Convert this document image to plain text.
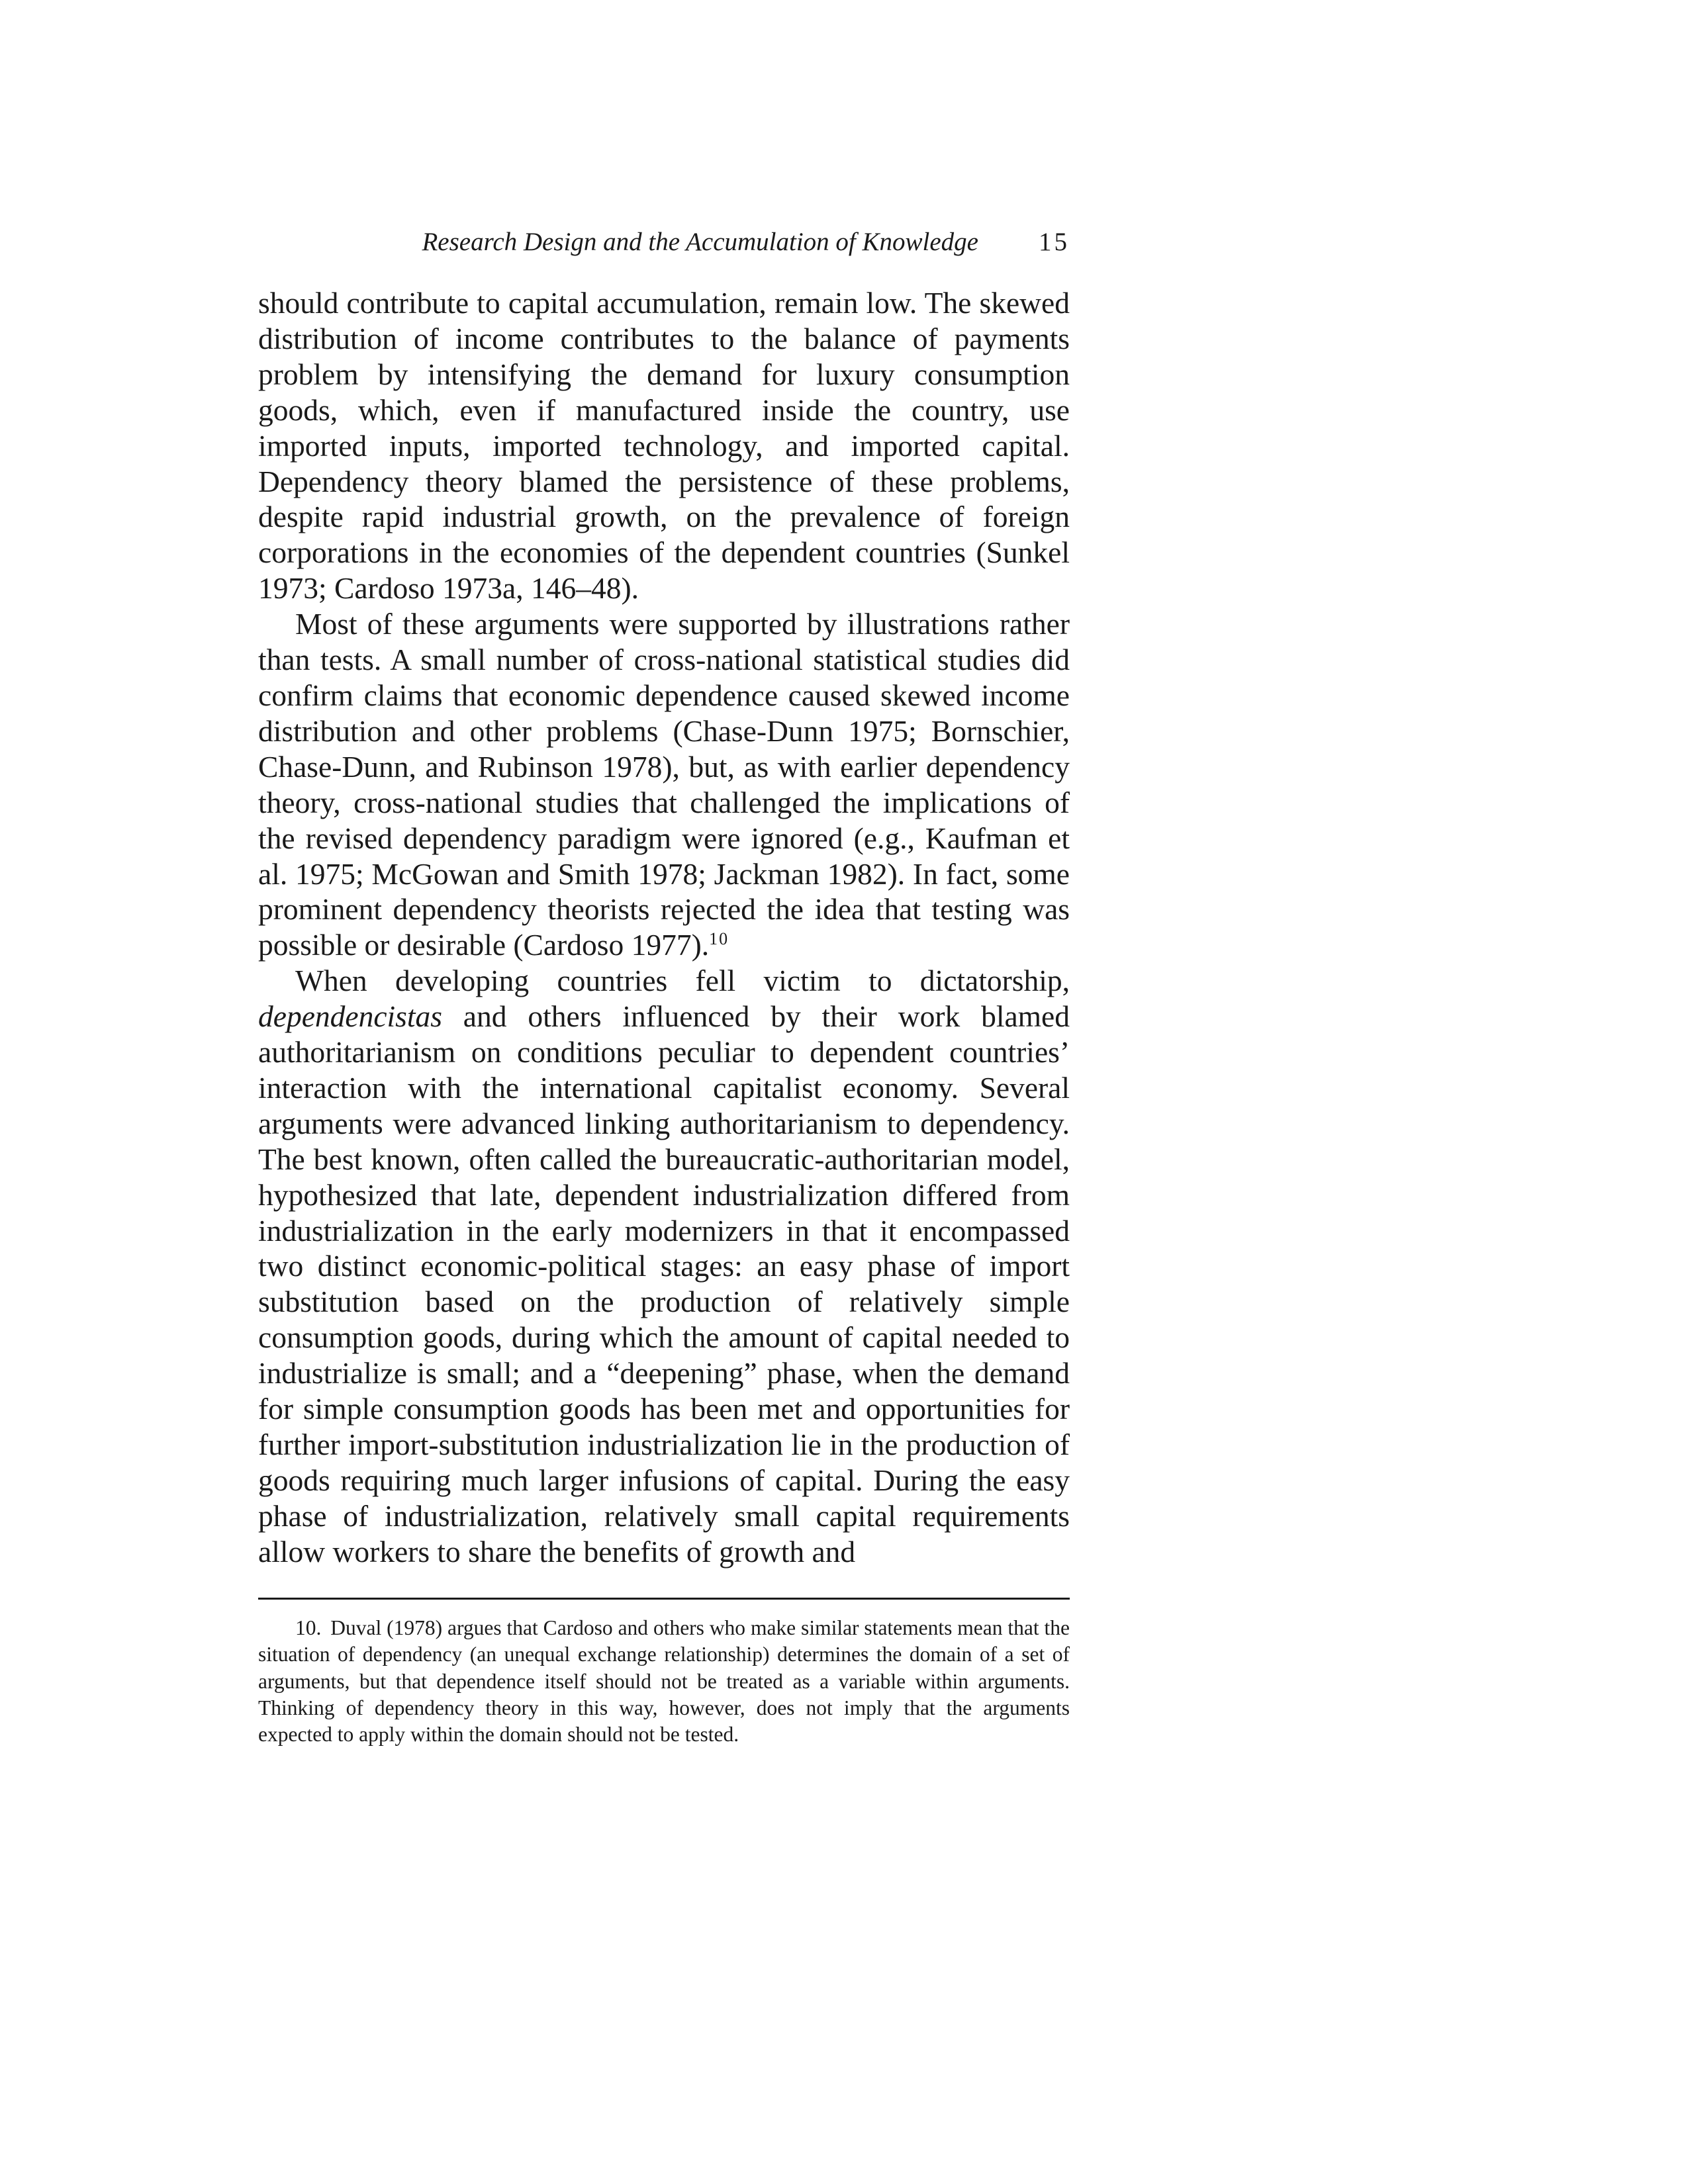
Research Design and the Accumulation of Knowledge 15

should contribute to capital accumulation, remain low. The skewed distribution of income contributes to the balance of payments problem by intensifying the demand for luxury consumption goods, which, even if manufactured inside the country, use imported inputs, imported technology, and imported capital. Dependency theory blamed the persistence of these problems, despite rapid industrial growth, on the prevalence of foreign corporations in the economies of the dependent countries (Sunkel 1973; Cardoso 1973a, 146–48).

Most of these arguments were supported by illustrations rather than tests. A small number of cross-national statistical studies did confirm claims that economic dependence caused skewed income distribution and other problems (Chase-Dunn 1975; Bornschier, Chase-Dunn, and Rubinson 1978), but, as with earlier dependency theory, cross-national studies that challenged the implications of the revised dependency paradigm were ignored (e.g., Kaufman et al. 1975; McGowan and Smith 1978; Jackman 1982). In fact, some prominent dependency theorists rejected the idea that testing was possible or desirable (Cardoso 1977).$^{10}$

When developing countries fell victim to dictatorship, dependencistas and others influenced by their work blamed authoritarianism on conditions peculiar to dependent countries’ interaction with the international capitalist economy. Several arguments were advanced linking authoritarianism to dependency. The best known, often called the bureaucratic-authoritarian model, hypothesized that late, dependent industrialization differed from industrialization in the early modernizers in that it encompassed two distinct economic-political stages: an easy phase of import substitution based on the production of relatively simple consumption goods, during which the amount of capital needed to industrialize is small; and a “deepening” phase, when the demand for simple consumption goods has been met and opportunities for further import-substitution industrialization lie in the production of goods requiring much larger infusions of capital. During the easy phase of industrialization, relatively small capital requirements allow workers to share the benefits of growth and

10. Duval (1978) argues that Cardoso and others who make similar statements mean that the situation of dependency (an unequal exchange relationship) determines the domain of a set of arguments, but that dependence itself should not be treated as a variable within arguments. Thinking of dependency theory in this way, however, does not imply that the arguments expected to apply within the domain should not be tested.
